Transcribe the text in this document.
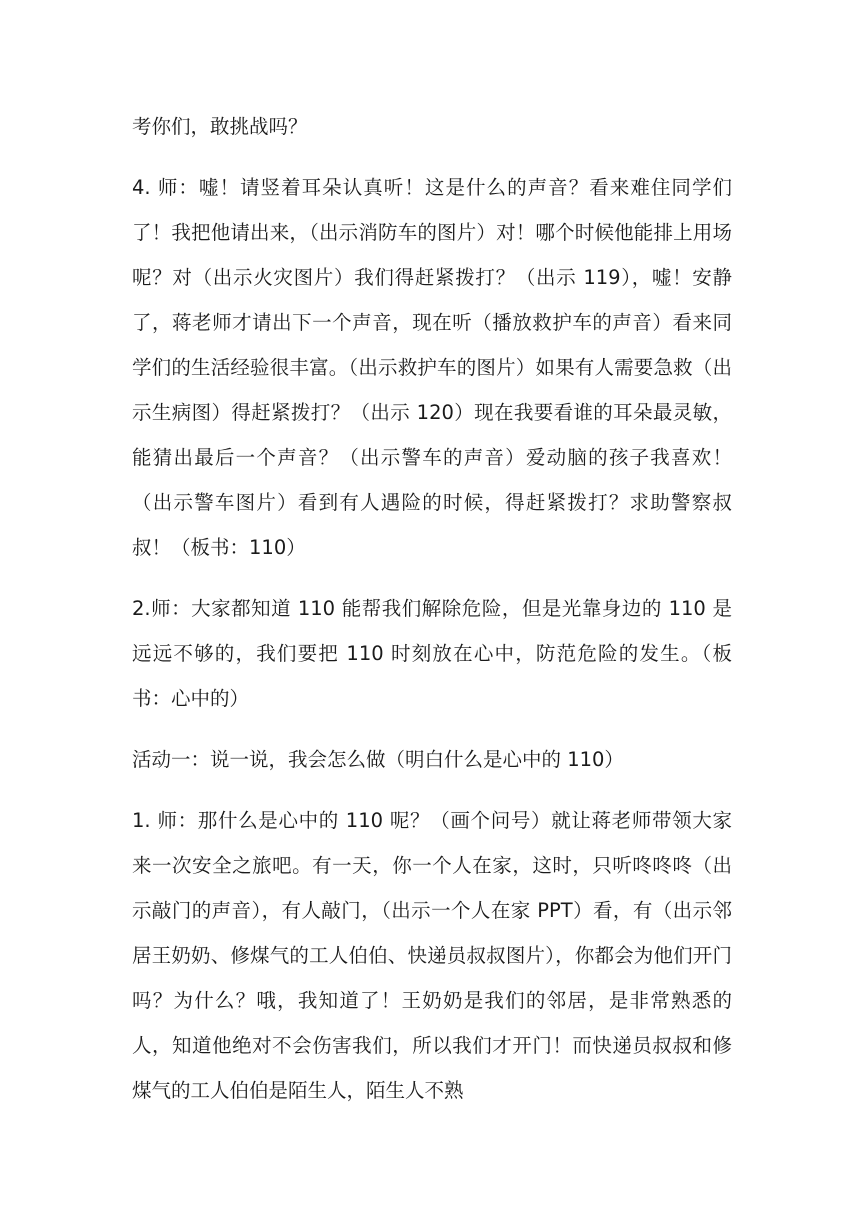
考你们，敢挑战吗？

4. 师：嘘！请竖着耳朵认真听！这是什么的声音？看来难住同学们了！我把他请出来，（出示消防车的图片）对！哪个时候他能排上用场呢？对（出示火灾图片）我们得赶紧拨打？（出示 119），嘘！安静了，蒋老师才请出下一个声音，现在听（播放救护车的声音）看来同学们的生活经验很丰富。（出示救护车的图片）如果有人需要急救（出示生病图）得赶紧拨打？（出示 120）现在我要看谁的耳朵最灵敏，能猜出最后一个声音？（出示警车的声音）爱动脑的孩子我喜欢！（出示警车图片）看到有人遇险的时候，得赶紧拨打？求助警察叔叔！（板书：110）

2.师：大家都知道 110 能帮我们解除危险，但是光靠身边的 110 是远远不够的，我们要把 110 时刻放在心中，防范危险的发生。（板书：心中的）

活动一：说一说，我会怎么做（明白什么是心中的 110）

1. 师：那什么是心中的 110 呢？（画个问号）就让蒋老师带领大家来一次安全之旅吧。有一天，你一个人在家，这时，只听咚咚咚（出示敲门的声音），有人敲门，（出示一个人在家 PPT）看，有（出示邻居王奶奶、修煤气的工人伯伯、快递员叔叔图片），你都会为他们开门吗？为什么？哦，我知道了！王奶奶是我们的邻居，是非常熟悉的人，知道他绝对不会伤害我们，所以我们才开门！而快递员叔叔和修煤气的工人伯伯是陌生人，陌生人不熟
